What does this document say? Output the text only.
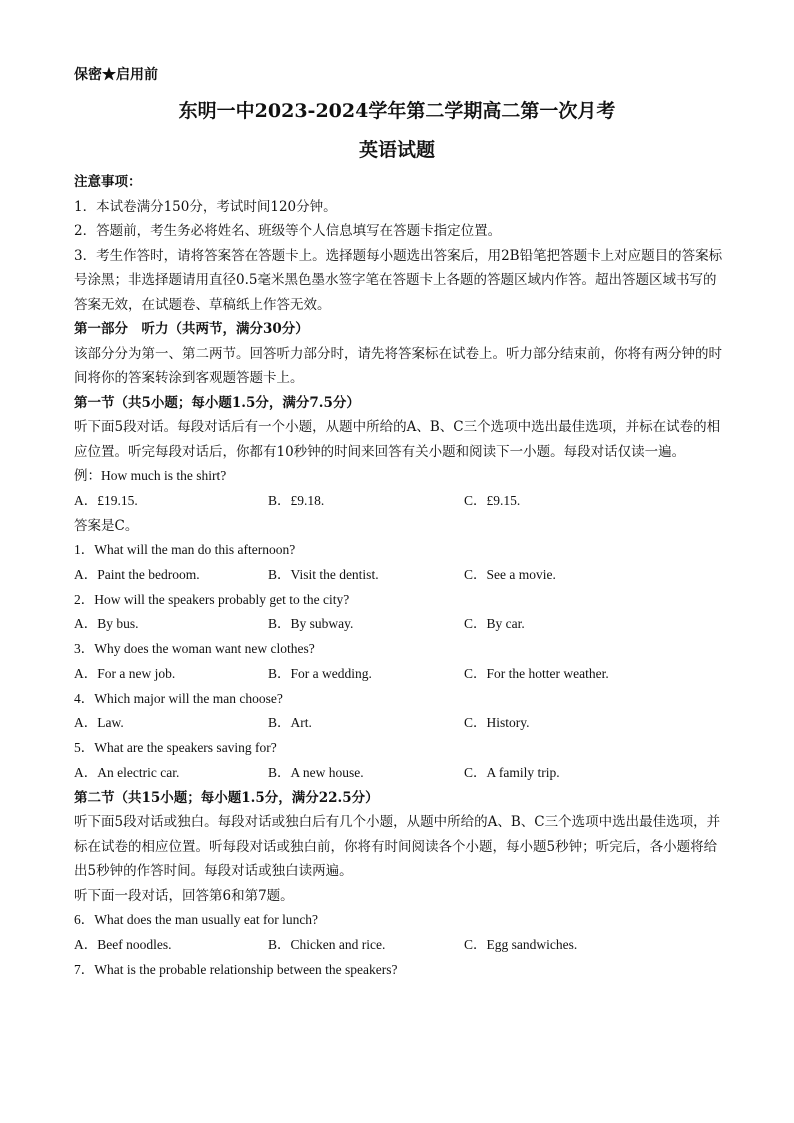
保密★启用前
东明一中2023-2024学年第二学期高二第一次月考
英语试题

注意事项：

1．本试卷满分150分，考试时间120分钟。

2．答题前，考生务必将姓名、班级等个人信息填写在答题卡指定位置。

3．考生作答时，请将答案答在答题卡上。选择题每小题选出答案后，用2B铅笔把答题卡上对应题目的答案标号涂黑；非选择题请用直径0.5毫米黑色墨水签字笔在答题卡上各题的答题区域内作答。超出答题区域书写的答案无效，在试题卷、草稿纸上作答无效。

第一部分　听力（共两节，满分30分）

该部分分为第一、第二两节。回答听力部分时，请先将答案标在试卷上。听力部分结束前，你将有两分钟的时间将你的答案转涂到客观题答题卡上。

第一节（共5小题；每小题1.5分，满分7.5分）

听下面5段对话。每段对话后有一个小题，从题中所给的A、B、C三个选项中选出最佳选项，并标在试卷的相应位置。听完每段对话后，你都有10秒钟的时间来回答有关小题和阅读下一小题。每段对话仅读一遍。

例：How much is the shirt?

A．£19.15.	B．£9.18.	C．£9.15.

答案是C。

1．What will the man do this afternoon?

A．Paint the bedroom.	B．Visit the dentist.	C．See a movie.

2．How will the speakers probably get to the city?

A．By bus.	B．By subway.	C．By car.

3．Why does the woman want new clothes?

A．For a new job.	B．For a wedding.	C．For the hotter weather.

4．Which major will the man choose?

A．Law.	B．Art.	C．History.

5．What are the speakers saving for?

A．An electric car.	B．A new house.	C．A family trip.

第二节（共15小题；每小题1.5分，满分22.5分）

听下面5段对话或独白。每段对话或独白后有几个小题，从题中所给的A、B、C三个选项中选出最佳选项，并标在试卷的相应位置。听每段对话或独白前，你将有时间阅读各个小题，每小题5秒钟；听完后，各小题将给出5秒钟的作答时间。每段对话或独白读两遍。

听下面一段对话，回答第6和第7题。

6．What does the man usually eat for lunch?

A．Beef noodles.	B．Chicken and rice.	C．Egg sandwiches.

7．What is the probable relationship between the speakers?
